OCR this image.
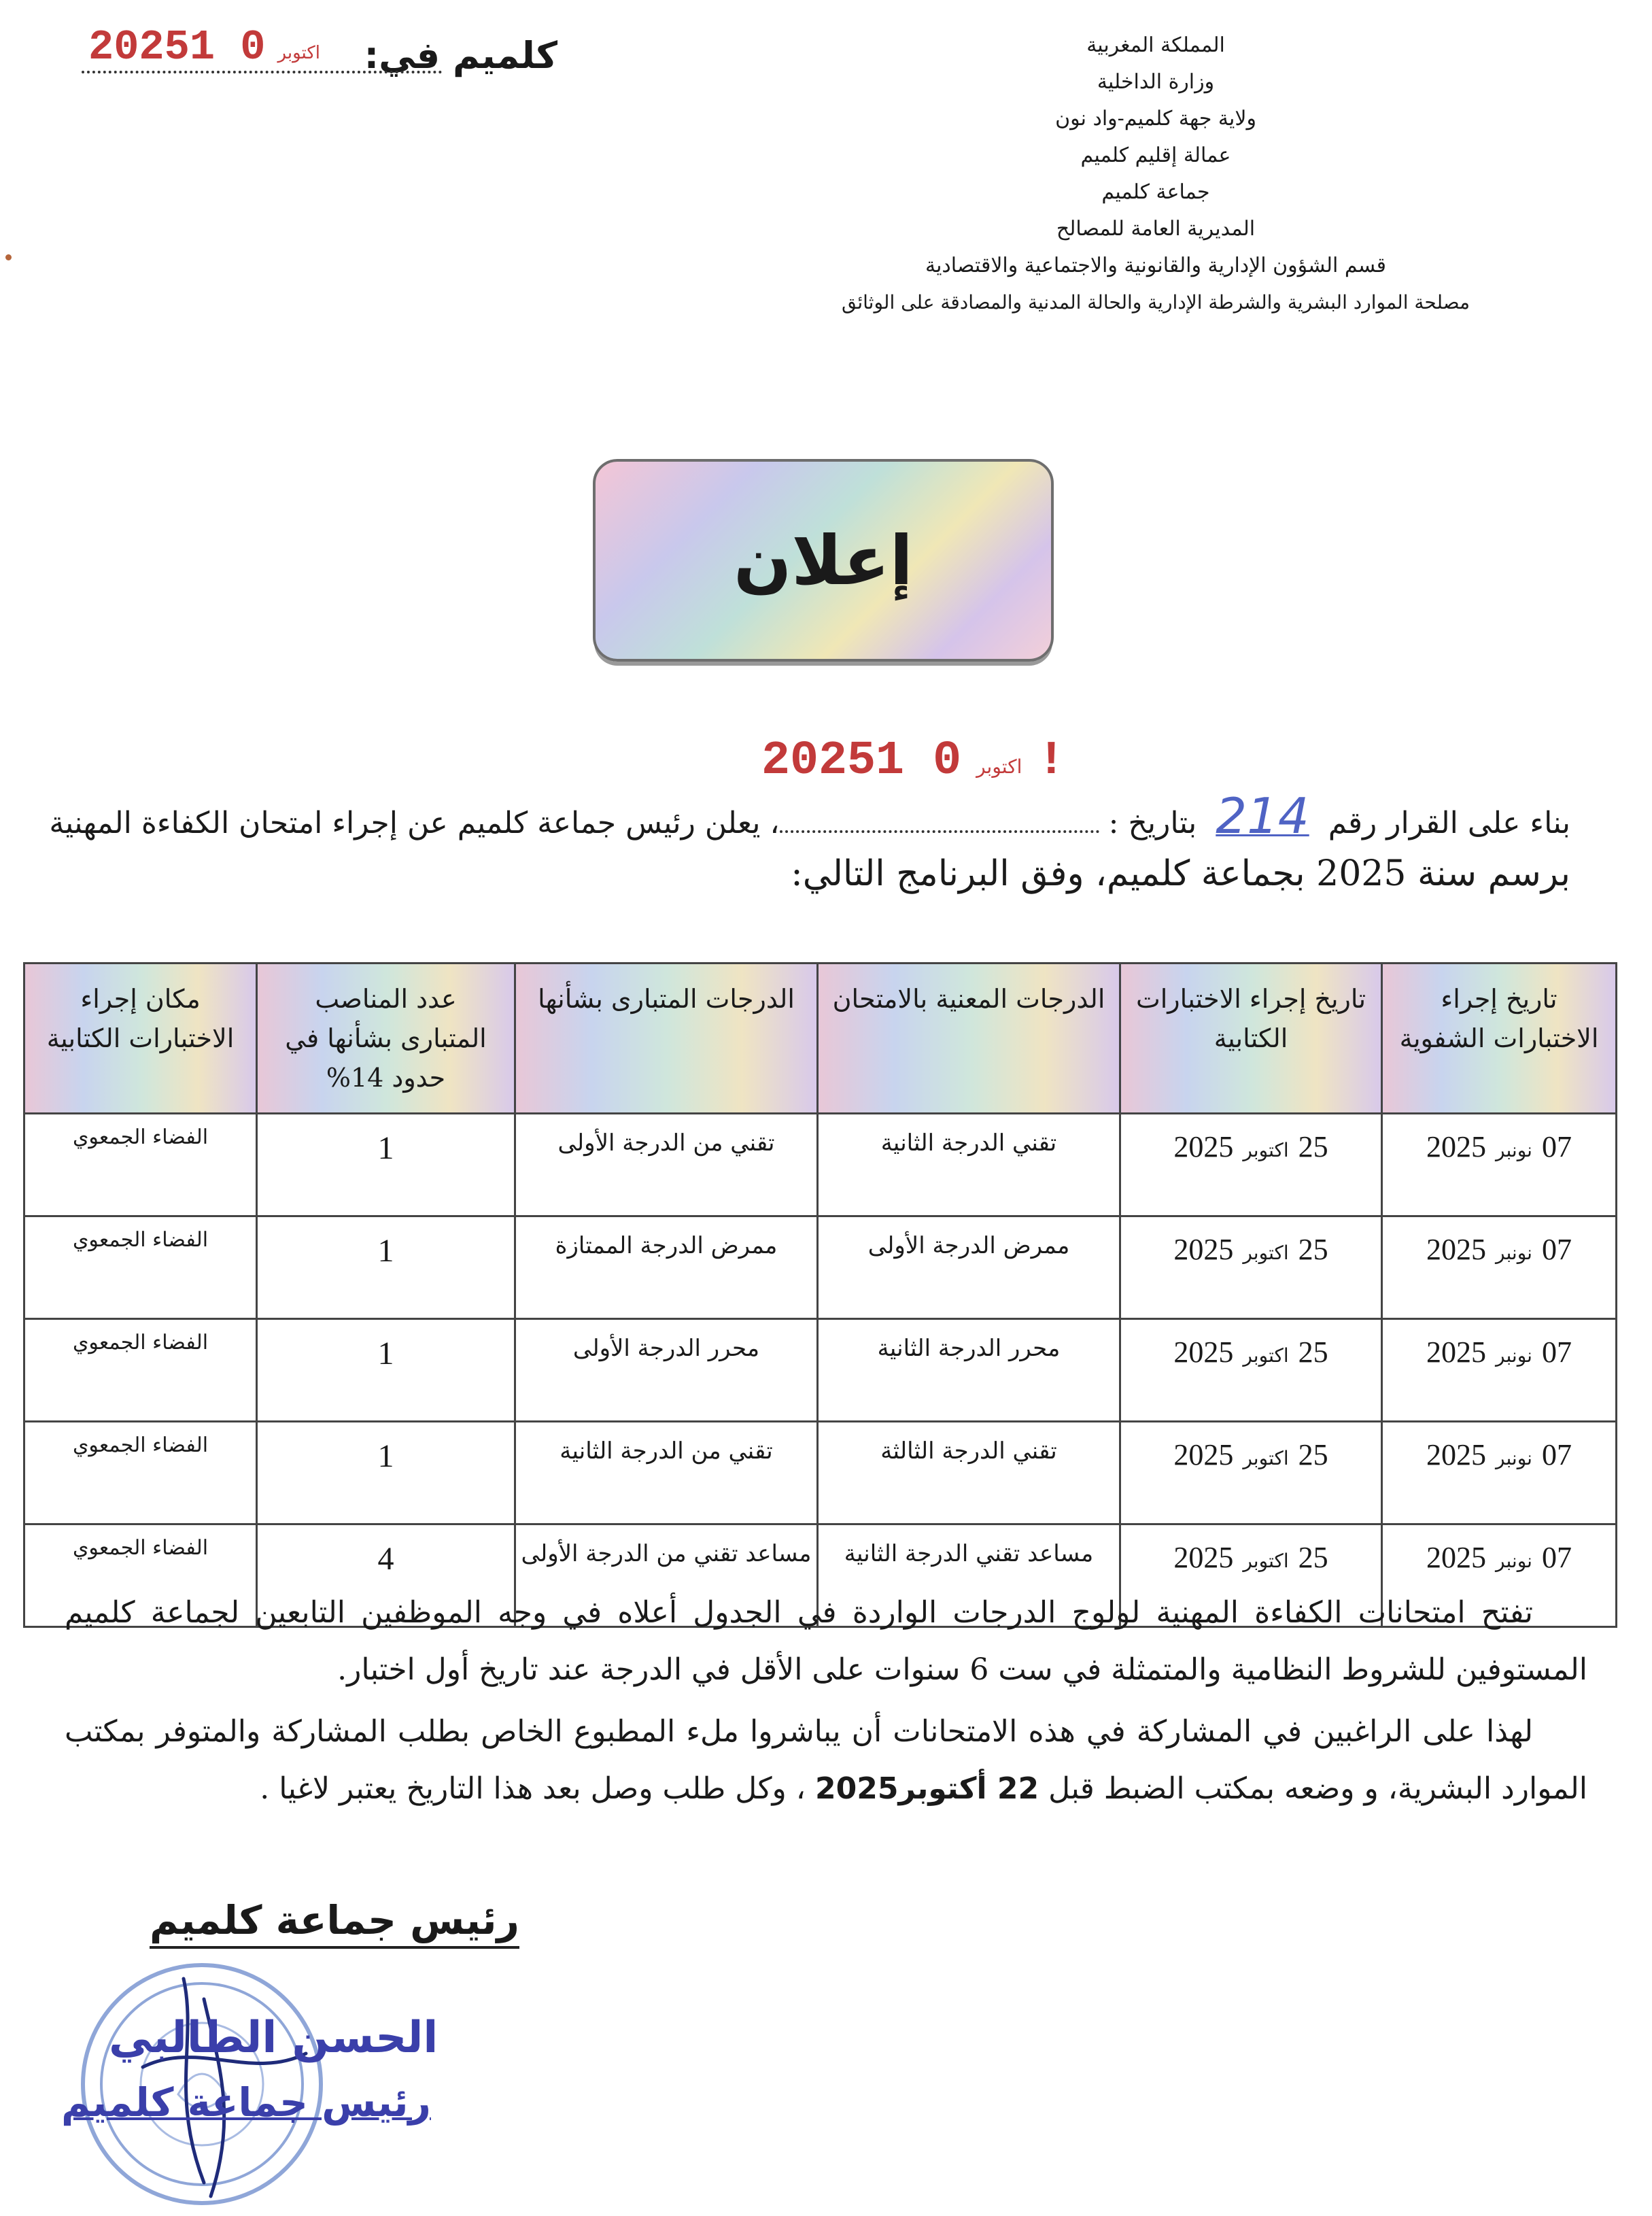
المملكة المغربية
وزارة الداخلية
ولاية جهة كلميم-واد نون
عمالة إقليم كلميم
جماعة كلميم
المديرية العامة للمصالح
قسم الشؤون الإدارية والقانونية والاجتماعية والاقتصادية
مصلحة الموارد البشرية والشرطة الإدارية والحالة المدنية والمصادقة على الوثائق
كلميم في:
2025	اكتوبر0 1
إعلان
2025	اكتوبر0 1!
بناء على القرار رقم 214 بتاريخ : ، يعلن رئيس جماعة كلميم عن إجراء امتحان الكفاءة المهنية
برسم سنة 2025 بجماعة كلميم، وفق البرنامج التالي:
تاريخ إجراء الاختبارات الشفوية	تاريخ إجراء الاختبارات الكتابية	الدرجات المعنية بالامتحان	الدرجات المتبارى بشأنها	عدد المناصب المتبارى بشأنها في حدود 14%	مكان إجراء الاختبارات الكتابية
07نونبر2025	25اكتوبر2025	تقني الدرجة الثانية	تقني من الدرجة الأولى	1	الفضاء الجمعوي
07نونبر2025	25اكتوبر2025	ممرض الدرجة الأولى	ممرض الدرجة الممتازة	1	الفضاء الجمعوي
07نونبر2025	25اكتوبر2025	محرر الدرجة الثانية	محرر الدرجة الأولى	1	الفضاء الجمعوي
07نونبر2025	25اكتوبر2025	تقني الدرجة الثالثة	تقني من الدرجة الثانية	1	الفضاء الجمعوي
07نونبر2025	25اكتوبر2025	مساعد تقني الدرجة الثانية	مساعد تقني من الدرجة الأولى	4	الفضاء الجمعوي
تفتح امتحانات الكفاءة المهنية لولوج الدرجات الواردة في الجدول أعلاه في وجه الموظفين التابعين لجماعة كلميم المستوفين للشروط النظامية والمتمثلة في ست 6 سنوات على الأقل في الدرجة عند تاريخ أول اختبار.
لهذا على الراغبين في المشاركة في هذه الامتحانات أن يباشروا ملء المطبوع الخاص بطلب المشاركة والمتوفر بمكتب الموارد البشرية، و وضعه بمكتب الضبط قبل 22 أكتوبر2025 ، وكل طلب وصل بعد هذا التاريخ يعتبر لاغيا .
رئيس جماعة كلميم
الحسن الطالبي
رئيس جماعة كلميم
